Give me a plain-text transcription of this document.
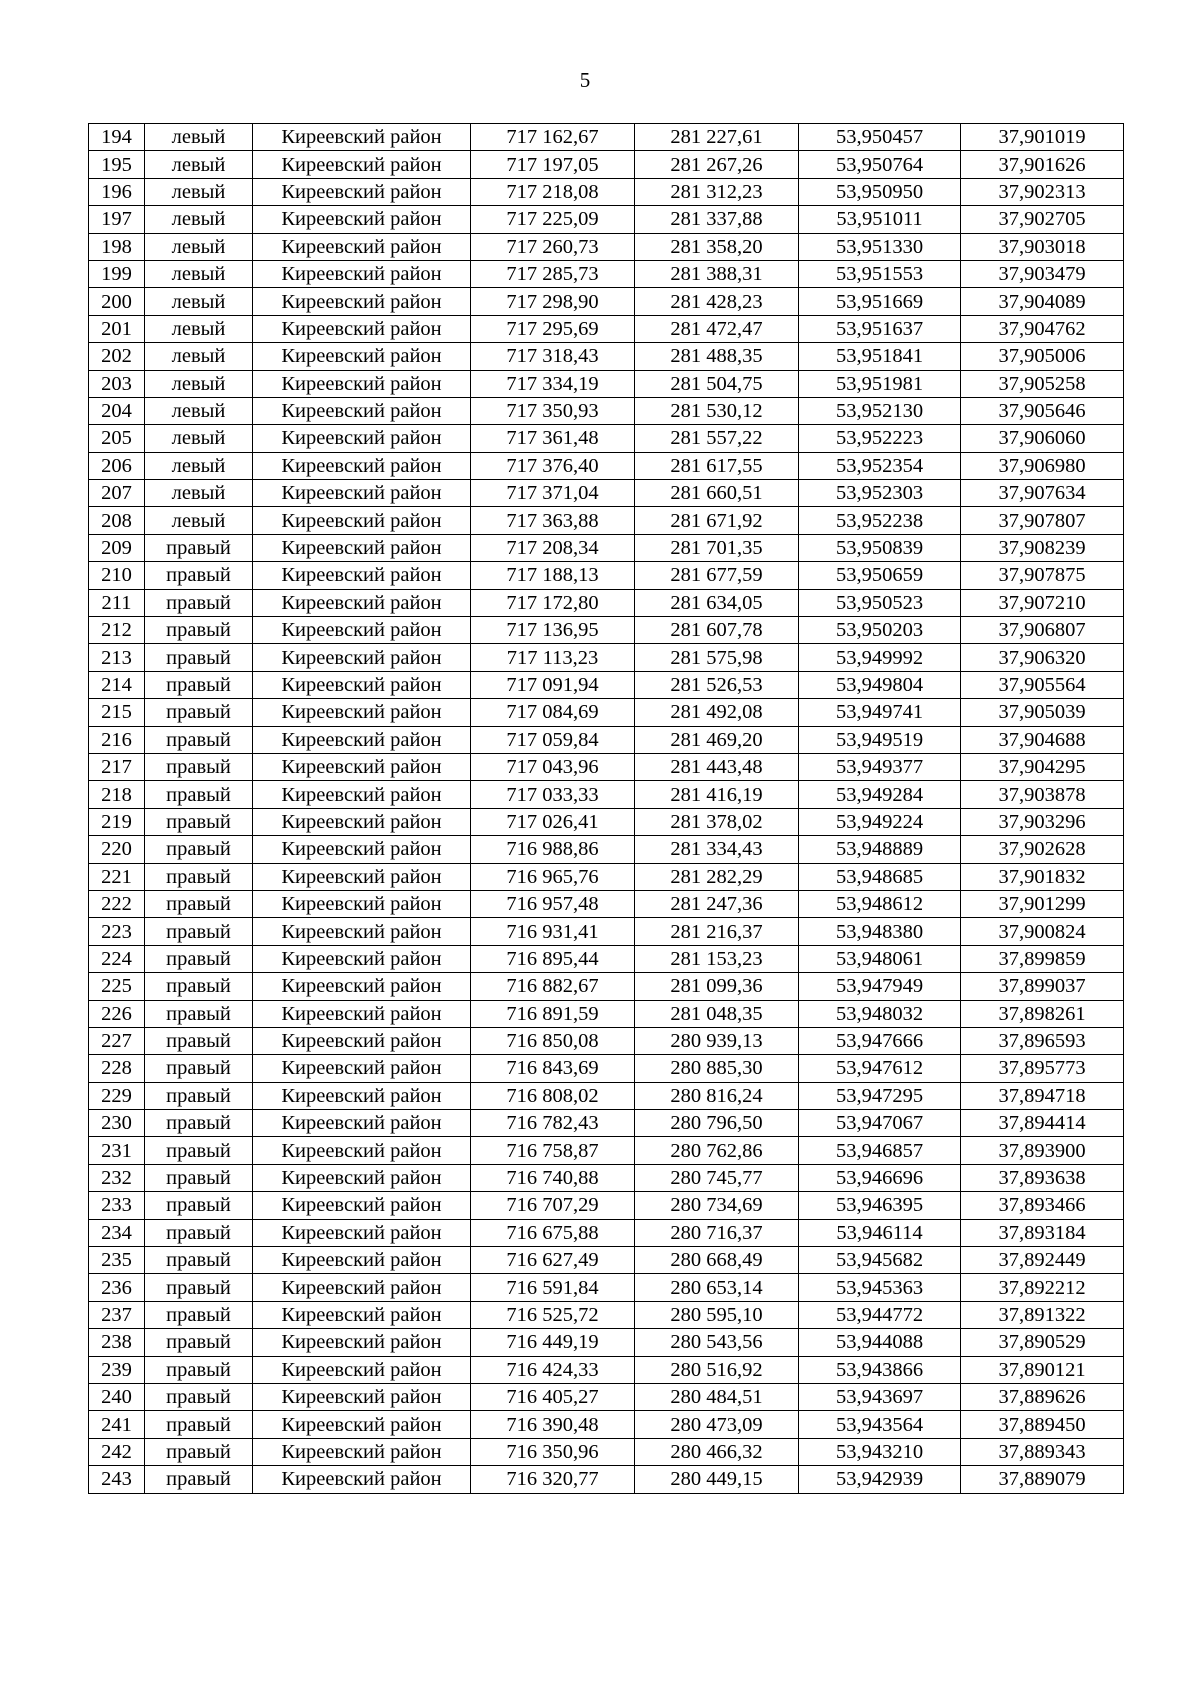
5
194	левый	Киреевский район	717 162,67	281 227,61	53,950457	37,901019
195	левый	Киреевский район	717 197,05	281 267,26	53,950764	37,901626
196	левый	Киреевский район	717 218,08	281 312,23	53,950950	37,902313
197	левый	Киреевский район	717 225,09	281 337,88	53,951011	37,902705
198	левый	Киреевский район	717 260,73	281 358,20	53,951330	37,903018
199	левый	Киреевский район	717 285,73	281 388,31	53,951553	37,903479
200	левый	Киреевский район	717 298,90	281 428,23	53,951669	37,904089
201	левый	Киреевский район	717 295,69	281 472,47	53,951637	37,904762
202	левый	Киреевский район	717 318,43	281 488,35	53,951841	37,905006
203	левый	Киреевский район	717 334,19	281 504,75	53,951981	37,905258
204	левый	Киреевский район	717 350,93	281 530,12	53,952130	37,905646
205	левый	Киреевский район	717 361,48	281 557,22	53,952223	37,906060
206	левый	Киреевский район	717 376,40	281 617,55	53,952354	37,906980
207	левый	Киреевский район	717 371,04	281 660,51	53,952303	37,907634
208	левый	Киреевский район	717 363,88	281 671,92	53,952238	37,907807
209	правый	Киреевский район	717 208,34	281 701,35	53,950839	37,908239
210	правый	Киреевский район	717 188,13	281 677,59	53,950659	37,907875
211	правый	Киреевский район	717 172,80	281 634,05	53,950523	37,907210
212	правый	Киреевский район	717 136,95	281 607,78	53,950203	37,906807
213	правый	Киреевский район	717 113,23	281 575,98	53,949992	37,906320
214	правый	Киреевский район	717 091,94	281 526,53	53,949804	37,905564
215	правый	Киреевский район	717 084,69	281 492,08	53,949741	37,905039
216	правый	Киреевский район	717 059,84	281 469,20	53,949519	37,904688
217	правый	Киреевский район	717 043,96	281 443,48	53,949377	37,904295
218	правый	Киреевский район	717 033,33	281 416,19	53,949284	37,903878
219	правый	Киреевский район	717 026,41	281 378,02	53,949224	37,903296
220	правый	Киреевский район	716 988,86	281 334,43	53,948889	37,902628
221	правый	Киреевский район	716 965,76	281 282,29	53,948685	37,901832
222	правый	Киреевский район	716 957,48	281 247,36	53,948612	37,901299
223	правый	Киреевский район	716 931,41	281 216,37	53,948380	37,900824
224	правый	Киреевский район	716 895,44	281 153,23	53,948061	37,899859
225	правый	Киреевский район	716 882,67	281 099,36	53,947949	37,899037
226	правый	Киреевский район	716 891,59	281 048,35	53,948032	37,898261
227	правый	Киреевский район	716 850,08	280 939,13	53,947666	37,896593
228	правый	Киреевский район	716 843,69	280 885,30	53,947612	37,895773
229	правый	Киреевский район	716 808,02	280 816,24	53,947295	37,894718
230	правый	Киреевский район	716 782,43	280 796,50	53,947067	37,894414
231	правый	Киреевский район	716 758,87	280 762,86	53,946857	37,893900
232	правый	Киреевский район	716 740,88	280 745,77	53,946696	37,893638
233	правый	Киреевский район	716 707,29	280 734,69	53,946395	37,893466
234	правый	Киреевский район	716 675,88	280 716,37	53,946114	37,893184
235	правый	Киреевский район	716 627,49	280 668,49	53,945682	37,892449
236	правый	Киреевский район	716 591,84	280 653,14	53,945363	37,892212
237	правый	Киреевский район	716 525,72	280 595,10	53,944772	37,891322
238	правый	Киреевский район	716 449,19	280 543,56	53,944088	37,890529
239	правый	Киреевский район	716 424,33	280 516,92	53,943866	37,890121
240	правый	Киреевский район	716 405,27	280 484,51	53,943697	37,889626
241	правый	Киреевский район	716 390,48	280 473,09	53,943564	37,889450
242	правый	Киреевский район	716 350,96	280 466,32	53,943210	37,889343
243	правый	Киреевский район	716 320,77	280 449,15	53,942939	37,889079
